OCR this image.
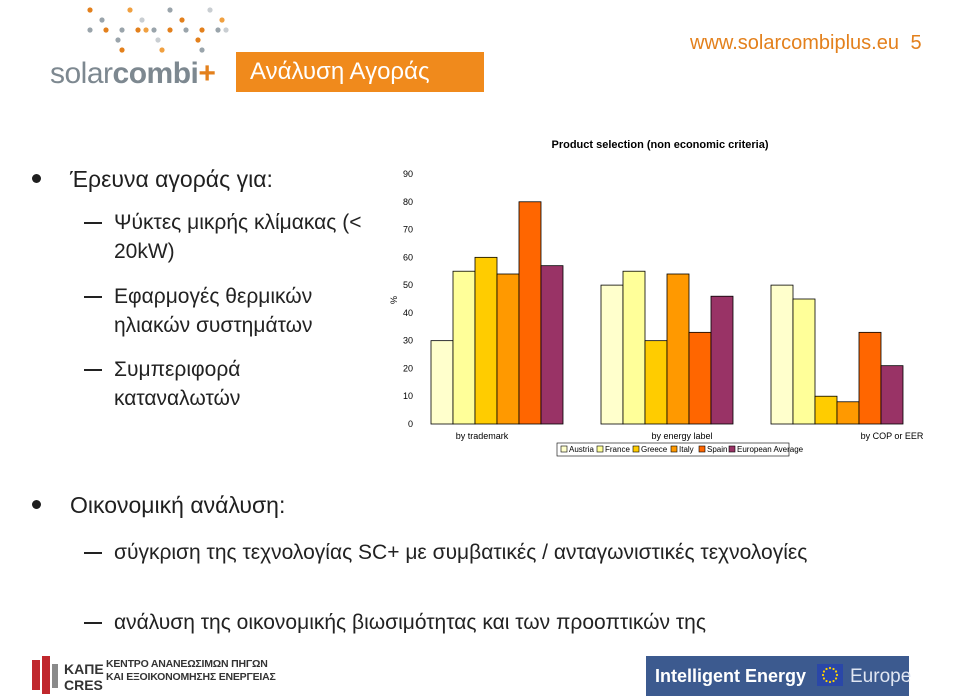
solarcombi+	Ανάλυση Αγοράς
www.solarcombiplus.eu 5
Έρευνα αγοράς για:
Ψύκτες μικρής κλίμακας (< 20kW)
Εφαρμογές θερμικών ηλιακών συστημάτων
Συμπεριφορά καταναλωτών
Product selection (non economic criteria)
%
0
10
20
30
40
50
60
70
80
90
by trademark	by energy label	by COP or EER
Austria France Greece Italy Spain European Average
Οικονομική ανάλυση:
σύγκριση της τεχνολογίας SC+ με συμβατικές / ανταγωνιστικές τεχνολογίες
ανάλυση της οικονομικής βιωσιμότητας και των προοπτικών της
ΚΑΠΕ
CRES
ΚΕΝΤΡΟ ΑΝΑΝΕΩΣΙΜΩΝ ΠΗΓΩΝ
ΚΑΙ ΕΞΟΙΚΟΝΟΜΗΣΗΣ ΕΝΕΡΓΕΙΑΣ	Intelligent Energy Europe
